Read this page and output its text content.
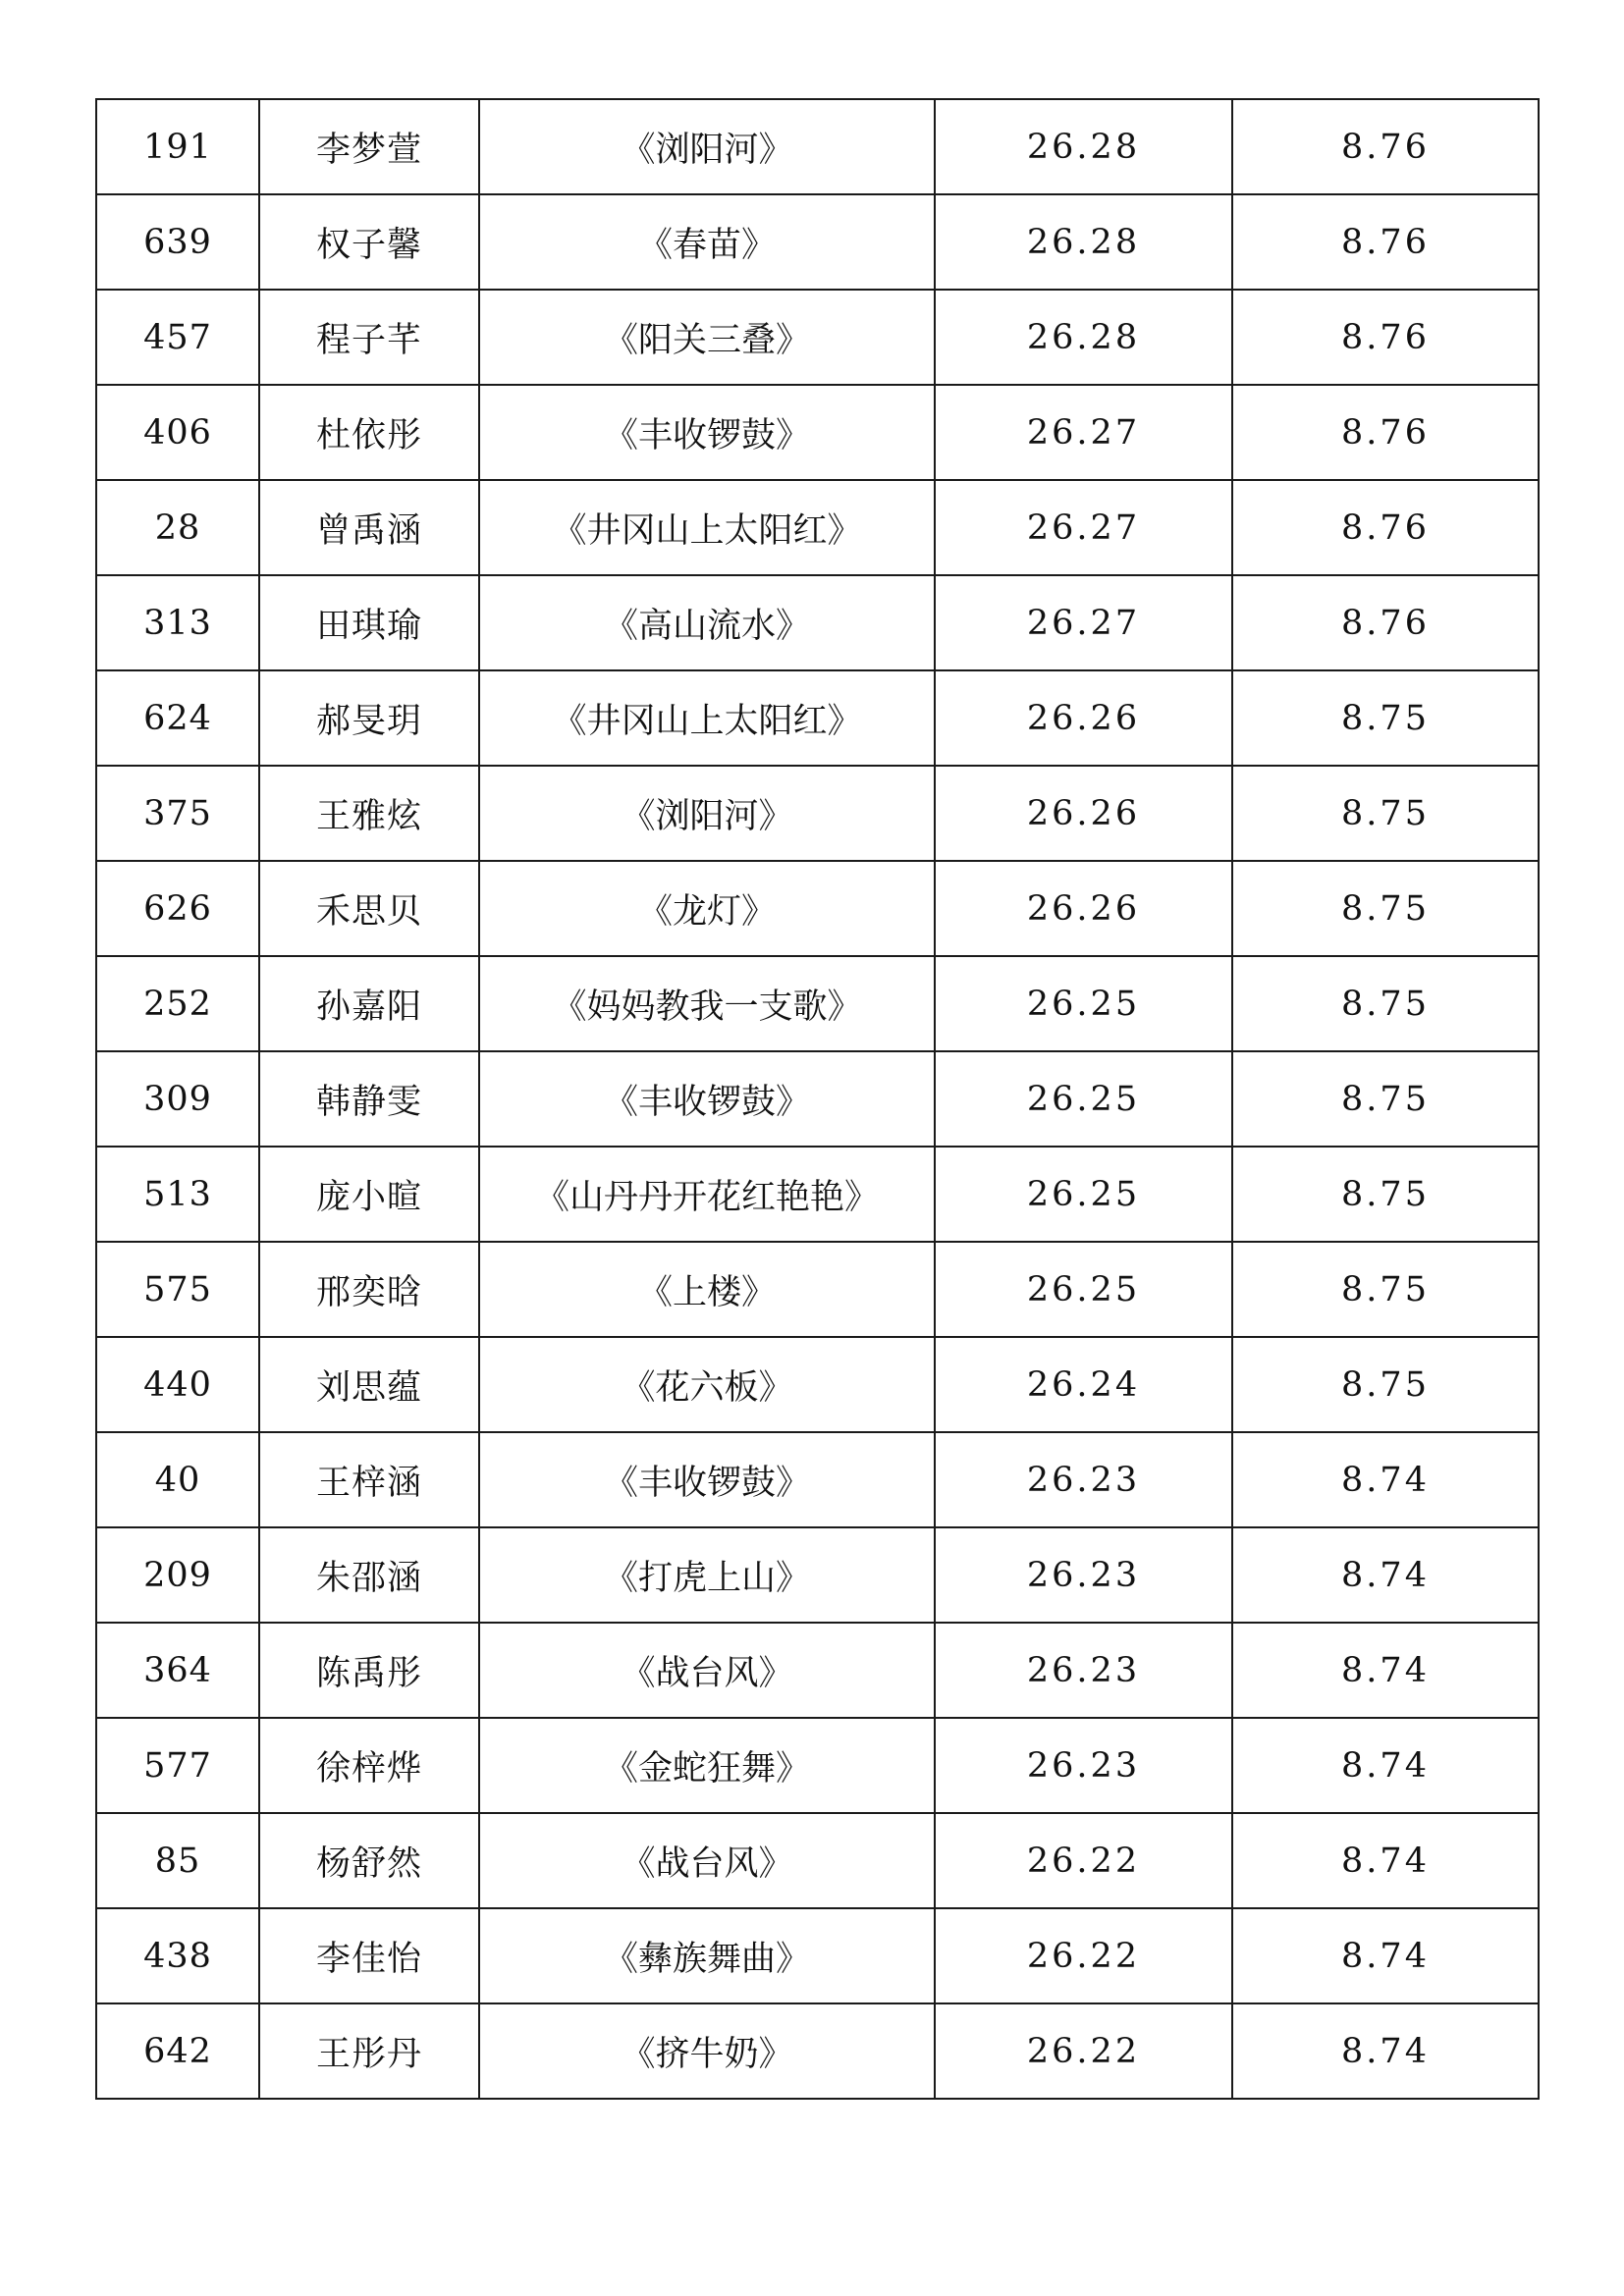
191	李梦萱	《浏阳河》	26.28	8.76
639	权子馨	《春苗》	26.28	8.76
457	程子芊	《阳关三叠》	26.28	8.76
406	杜依彤	《丰收锣鼓》	26.27	8.76
28	曾禹涵	《井冈山上太阳红》	26.27	8.76
313	田琪瑜	《高山流水》	26.27	8.76
624	郝旻玥	《井冈山上太阳红》	26.26	8.75
375	王雅炫	《浏阳河》	26.26	8.75
626	禾思贝	《龙灯》	26.26	8.75
252	孙嘉阳	《妈妈教我一支歌》	26.25	8.75
309	韩静雯	《丰收锣鼓》	26.25	8.75
513	庞小暄	《山丹丹开花红艳艳》	26.25	8.75
575	邢奕晗	《上楼》	26.25	8.75
440	刘思蕴	《花六板》	26.24	8.75
40	王梓涵	《丰收锣鼓》	26.23	8.74
209	朱邵涵	《打虎上山》	26.23	8.74
364	陈禹彤	《战台风》	26.23	8.74
577	徐梓烨	《金蛇狂舞》	26.23	8.74
85	杨舒然	《战台风》	26.22	8.74
438	李佳怡	《彝族舞曲》	26.22	8.74
642	王彤丹	《挤牛奶》	26.22	8.74
